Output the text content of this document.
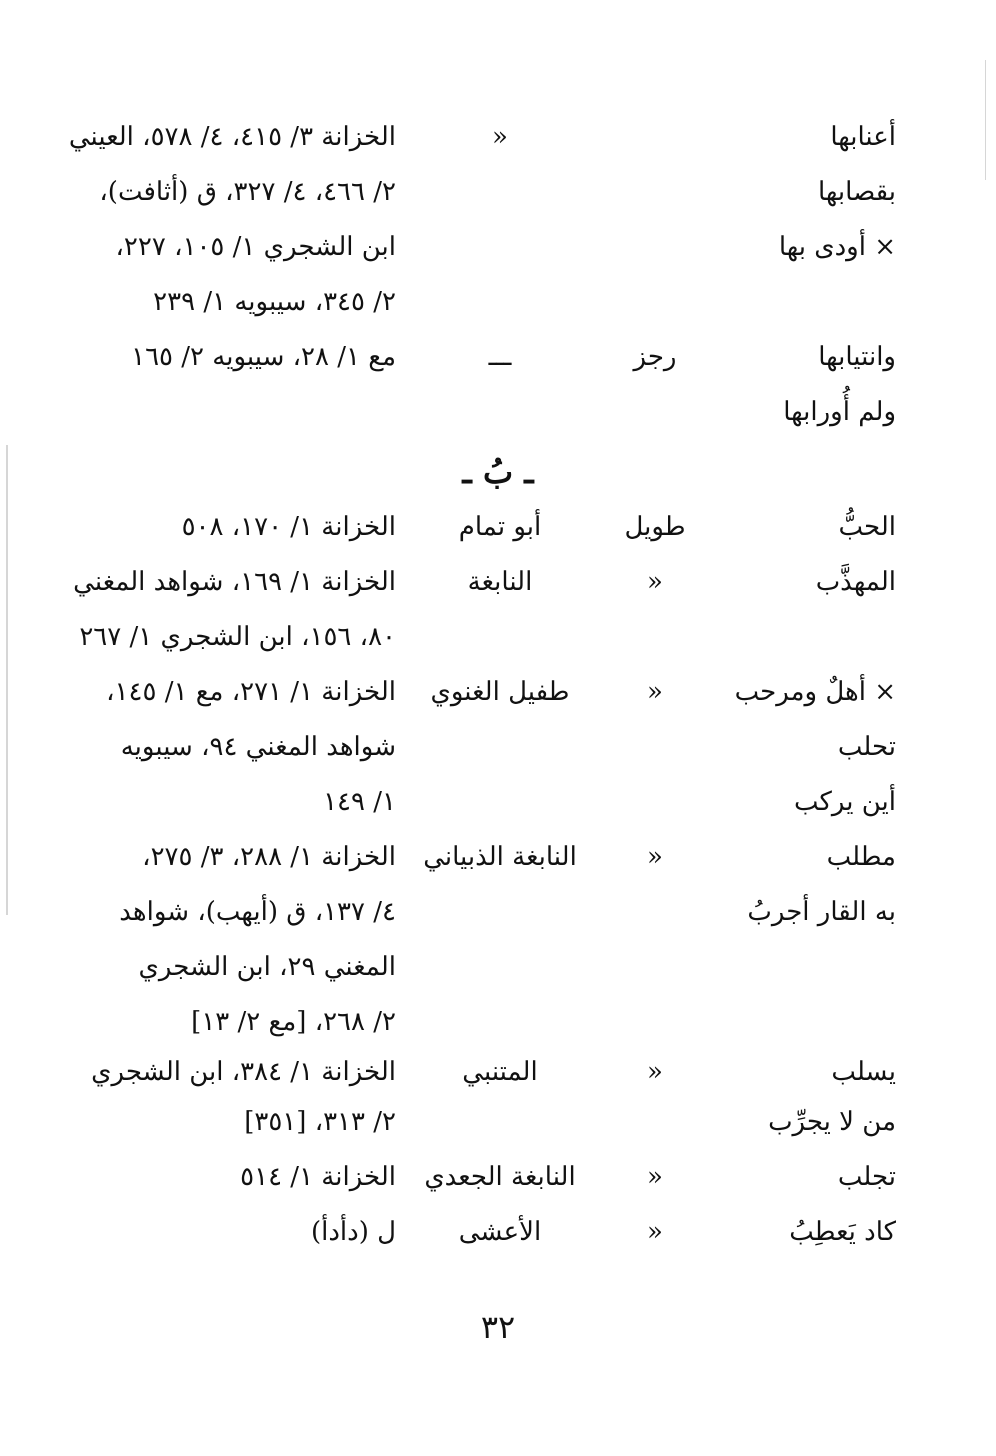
أعنابها
«
الخزانة ٣/ ٤١٥، ٤/ ٥٧٨، العيني
بقصابها
٢/ ٤٦٦، ٤/ ٣٢٧، ق (أثافت)،
× أودى بها
ابن الشجري ١/ ١٠٥، ٢٢٧،
٢/ ٣٤٥، سيبويه ١/ ٢٣٩
وانتيابها
رجز
ـــ
مع ١/ ٢٨، سيبويه ٢/ ١٦٥
ولم أُورابها
ـ بُ ـ
الحبُّ
طويل
أبو تمام
الخزانة ١/ ١٧٠، ٥٠٨
المهذَّب
«
النابغة
الخزانة ١/ ١٦٩، شواهد المغني
٨٠، ١٥٦، ابن الشجري ١/ ٢٦٧
× أهلٌ ومرحب
«
طفيل الغنوي
الخزانة ١/ ٢٧١، مع ١/ ١٤٥،
تحلب
شواهد المغني ٩٤، سيبويه
أين يركب
١/ ١٤٩
مطلب
«
النابغة الذبياني
الخزانة ١/ ٢٨٨، ٣/ ٢٧٥،
به القار أجربُ
٤/ ١٣٧، ق (أيهب)، شواهد
المغني ٢٩، ابن الشجري
٢/ ٢٦٨، [مع ٢/ ١٣]
يسلب
«
المتنبي
الخزانة ١/ ٣٨٤، ابن الشجري
من لا يجرِّب
٢/ ٣١٣، [٣٥١]
تجلب
«
النابغة الجعدي
الخزانة ١/ ٥١٤
كاد يَعطِبُ
«
الأعشى
ل (دأدأ)
٣٢
